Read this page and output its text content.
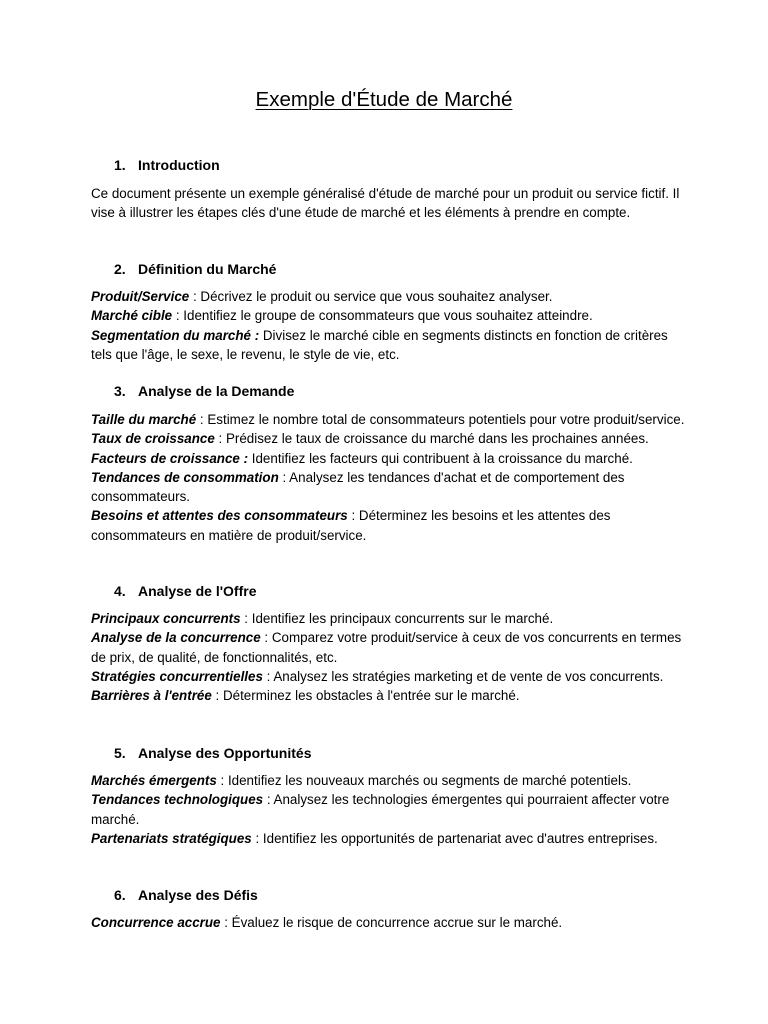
Exemple d'Étude de Marché
1. Introduction

Ce document présente un exemple généralisé d'étude de marché pour un produit ou service fictif. Il vise à illustrer les étapes clés d'une étude de marché et les éléments à prendre en compte.

2. Définition du Marché

Produit/Service : Décrivez le produit ou service que vous souhaitez analyser.

Marché cible : Identifiez le groupe de consommateurs que vous souhaitez atteindre.

Segmentation du marché : Divisez le marché cible en segments distincts en fonction de critères tels que l'âge, le sexe, le revenu, le style de vie, etc.

3. Analyse de la Demande

Taille du marché : Estimez le nombre total de consommateurs potentiels pour votre produit/service.

Taux de croissance : Prédisez le taux de croissance du marché dans les prochaines années.

Facteurs de croissance : Identifiez les facteurs qui contribuent à la croissance du marché.

Tendances de consommation : Analysez les tendances d'achat et de comportement des consommateurs.

Besoins et attentes des consommateurs : Déterminez les besoins et les attentes des consommateurs en matière de produit/service.

4. Analyse de l'Offre

Principaux concurrents : Identifiez les principaux concurrents sur le marché.

Analyse de la concurrence : Comparez votre produit/service à ceux de vos concurrents en termes de prix, de qualité, de fonctionnalités, etc.

Stratégies concurrentielles : Analysez les stratégies marketing et de vente de vos concurrents.

Barrières à l'entrée : Déterminez les obstacles à l'entrée sur le marché.

5. Analyse des Opportunités

Marchés émergents : Identifiez les nouveaux marchés ou segments de marché potentiels.

Tendances technologiques : Analysez les technologies émergentes qui pourraient affecter votre marché.

Partenariats stratégiques : Identifiez les opportunités de partenariat avec d'autres entreprises.

6. Analyse des Défis

Concurrence accrue : Évaluez le risque de concurrence accrue sur le marché.
